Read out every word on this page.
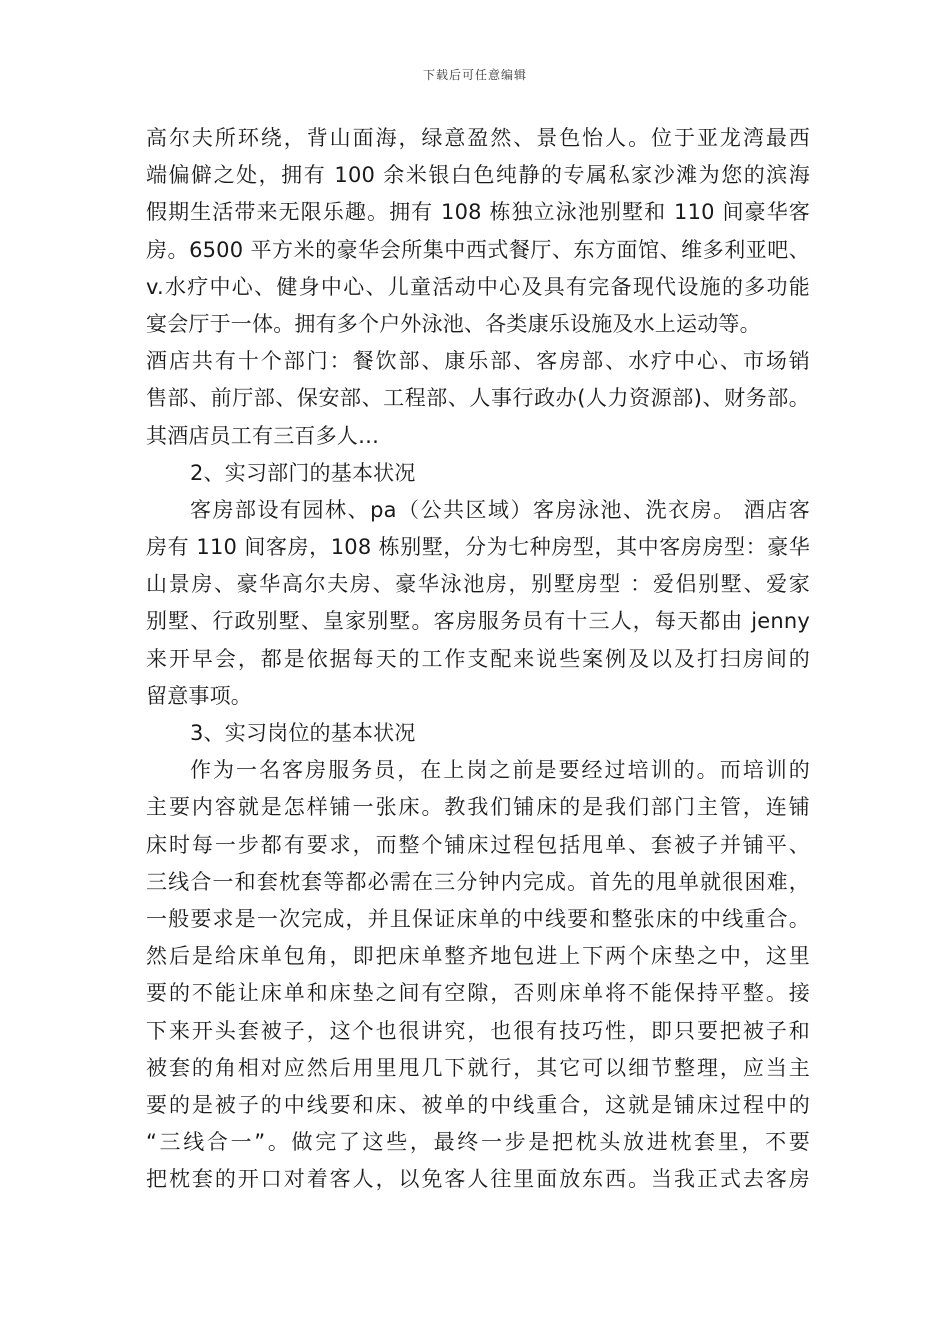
下载后可任意编辑
高尔夫所环绕，背山面海，绿意盈然、景色怡人。位于亚龙湾最西
端偏僻之处，拥有 100 余米银白色纯静的专属私家沙滩为您的滨海
假期生活带来无限乐趣。拥有 108 栋独立泳池别墅和 110 间豪华客
房。6500 平方米的豪华会所集中西式餐厅、东方面馆、维多利亚吧、
v.水疗中心、健身中心、儿童活动中心及具有完备现代设施的多功能
宴会厅于一体。拥有多个户外泳池、各类康乐设施及水上运动等。
酒店共有十个部门：餐饮部、康乐部、客房部、水疗中心、市场销
售部、前厅部、保安部、工程部、人事行政办(人力资源部)、财务部。
其酒店员工有三百多人…
2、实习部门的基本状况
客房部设有园林、pa（公共区域）客房泳池、洗衣房。 酒店客
房有 110 间客房，108 栋别墅，分为七种房型，其中客房房型：豪华
山景房、豪华高尔夫房、豪华泳池房，别墅房型 ：爱侣别墅、爱家
别墅、行政别墅、皇家别墅。客房服务员有十三人，每天都由 jenny
来开早会，都是依据每天的工作支配来说些案例及以及打扫房间的
留意事项。
3、实习岗位的基本状况
作为一名客房服务员，在上岗之前是要经过培训的。而培训的
主要内容就是怎样铺一张床。教我们铺床的是我们部门主管，连铺
床时每一步都有要求，而整个铺床过程包括甩单、套被子并铺平、
三线合一和套枕套等都必需在三分钟内完成。首先的甩单就很困难，
一般要求是一次完成，并且保证床单的中线要和整张床的中线重合。
然后是给床单包角，即把床单整齐地包进上下两个床垫之中，这里
要的不能让床单和床垫之间有空隙，否则床单将不能保持平整。接
下来开头套被子，这个也很讲究，也很有技巧性，即只要把被子和
被套的角相对应然后用里甩几下就行，其它可以细节整理，应当主
要的是被子的中线要和床、被单的中线重合，这就是铺床过程中的
“三线合一”。做完了这些，最终一步是把枕头放进枕套里，不要
把枕套的开口对着客人，以免客人往里面放东西。当我正式去客房
